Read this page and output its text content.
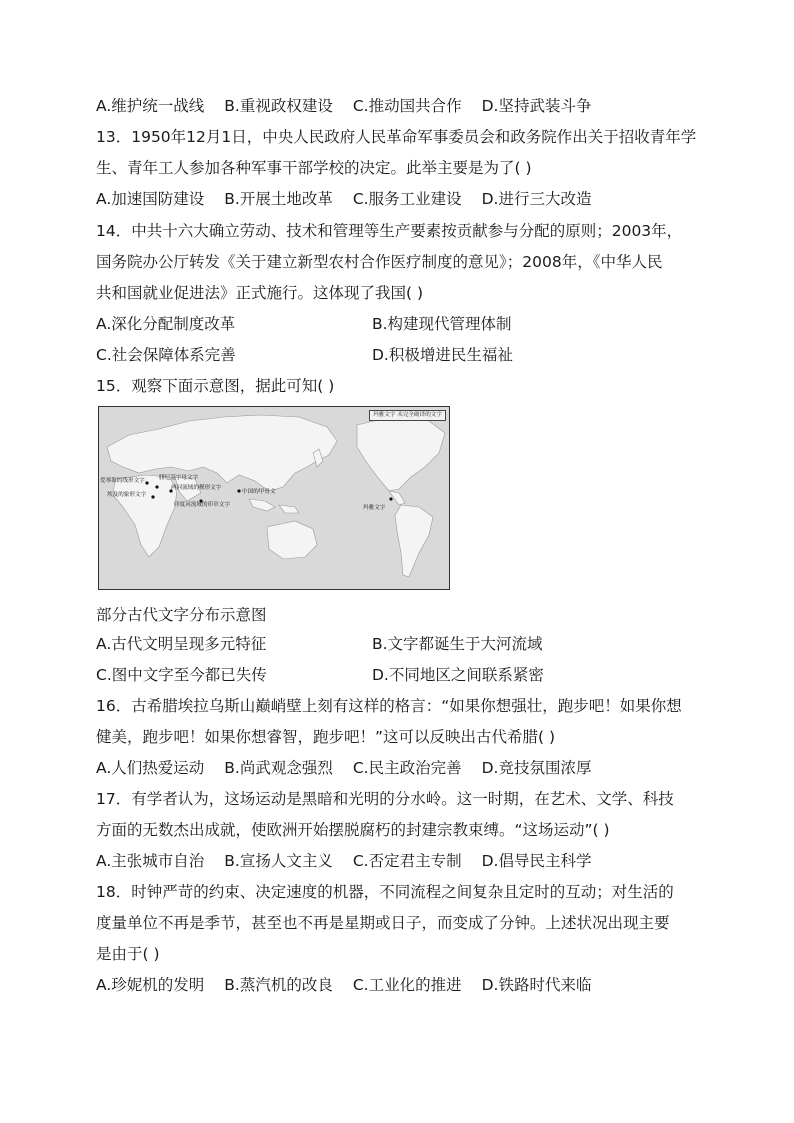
A.维护统一战线 B.重视政权建设 C.推动国共合作 D.坚持武装斗争
13．1950年12月1日，中央人民政府人民革命军事委员会和政务院作出关于招收青年学
生、青年工人参加各种军事干部学校的决定。此举主要是为了( )
A.加速国防建设 B.开展土地改革 C.服务工业建设 D.进行三大改造
14．中共十六大确立劳动、技术和管理等生产要素按贡献参与分配的原则；2003年，
国务院办公厅转发《关于建立新型农村合作医疗制度的意见》；2008年，《中华人民
共和国就业促进法》正式施行。这体现了我国( )
A.深化分配制度改革	B.构建现代管理体制
C.社会保障体系完善	D.积极增进民生福祉
15．观察下面示意图，据此可知( )
玛雅文字 未完全破译的文字
爱琴海的线形文字	腓尼基字母文字
两河流域的楔形文字
埃及的象形文字	中国的甲骨文
印度河流域的印章文字	玛雅文字
部分古代文字分布示意图
A.古代文明呈现多元特征	B.文字都诞生于大河流域
C.图中文字至今都已失传	D.不同地区之间联系紧密
16．古希腊埃拉乌斯山巅峭壁上刻有这样的格言：“如果你想强壮，跑步吧！如果你想
健美，跑步吧！如果你想睿智，跑步吧！”这可以反映出古代希腊( )
A.人们热爱运动 B.尚武观念强烈 C.民主政治完善 D.竞技氛围浓厚
17．有学者认为，这场运动是黑暗和光明的分水岭。这一时期，在艺术、文学、科技
方面的无数杰出成就，使欧洲开始摆脱腐朽的封建宗教束缚。“这场运动”( )
A.主张城市自治 B.宣扬人文主义 C.否定君主专制 D.倡导民主科学
18．时钟严苛的约束、决定速度的机器，不同流程之间复杂且定时的互动；对生活的
度量单位不再是季节，甚至也不再是星期或日子，而变成了分钟。上述状况出现主要
是由于( )
A.珍妮机的发明 B.蒸汽机的改良 C.工业化的推进 D.铁路时代来临
